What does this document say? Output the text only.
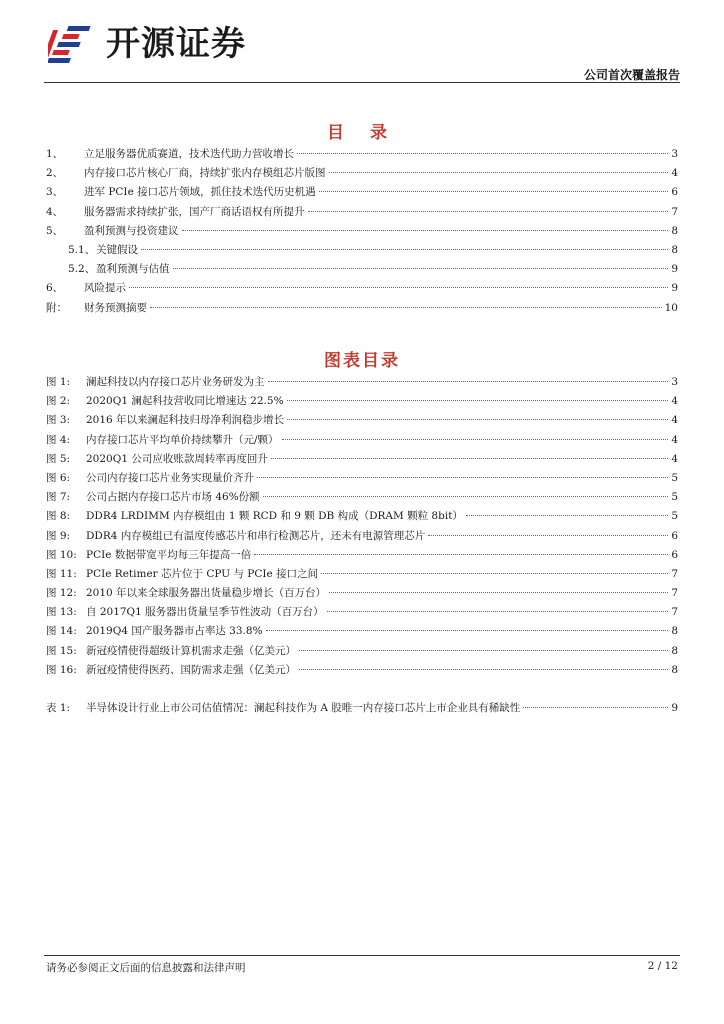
开源证券
公司首次覆盖报告
目 录
1、	立足服务器优质赛道，技术迭代助力营收增长	3
2、	内存接口芯片核心厂商，持续扩张内存模组芯片版图	4
3、	进军 PCIe 接口芯片领域，抓住技术迭代历史机遇	6
4、	服务器需求持续扩张，国产厂商话语权有所提升	7
5、	盈利预测与投资建议	8
5.1、 关键假设	8
5.2、 盈利预测与估值	9
6、	风险提示	9
附：	财务预测摘要	10
图表目录
图 1:	澜起科技以内存接口芯片业务研发为主	3
图 2:	2020Q1 澜起科技营收同比增速达 22.5%	4
图 3:	2016 年以来澜起科技归母净利润稳步增长	4
图 4:	内存接口芯片平均单价持续攀升（元/颗）	4
图 5:	2020Q1 公司应收账款周转率再度回升	4
图 6:	公司内存接口芯片业务实现量价齐升	5
图 7:	公司占据内存接口芯片市场 46%份额	5
图 8:	DDR4 LRDIMM 内存模组由 1 颗 RCD 和 9 颗 DB 构成（DRAM 颗粒 8bit）	5
图 9:	DDR4 内存模组已有温度传感芯片和串行检测芯片，还未有电源管理芯片	6
图 10: PCIe 数据带宽平均每三年提高一倍	6
图 11: PCIe Retimer 芯片位于 CPU 与 PCIe 接口之间	7
图 12: 2010 年以来全球服务器出货量稳步增长（百万台）	7
图 13: 自 2017Q1 服务器出货量呈季节性波动（百万台）	7
图 14: 2019Q4 国产服务器市占率达 33.8%	8
图 15: 新冠疫情使得超级计算机需求走强（亿美元）	8
图 16: 新冠疫情使得医药、国防需求走强（亿美元）	8
表 1:	半导体设计行业上市公司估值情况：澜起科技作为 A 股唯一内存接口芯片上市企业具有稀缺性	9
请务必参阅正文后面的信息披露和法律声明	2 / 12
